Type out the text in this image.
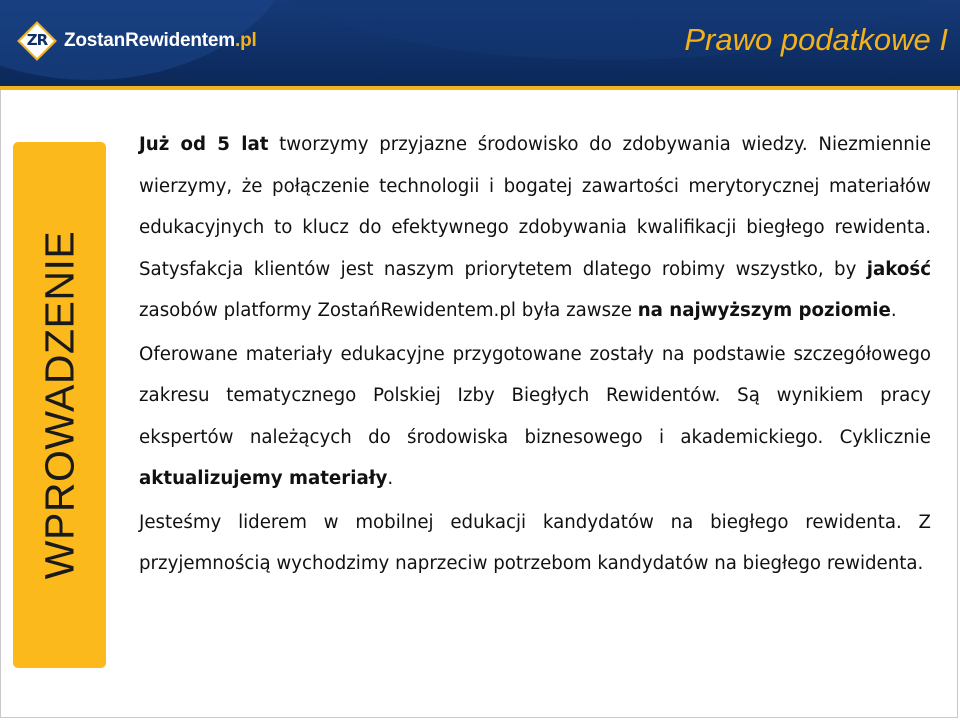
ZR ZostanRewidentem.pl	Prawo podatkowe I
WPROWADZENIE

Już od 5 lat tworzymy przyjazne środowisko do zdobywania wiedzy. Niezmiennie wierzymy, że połączenie technologii i bogatej zawartości merytorycznej materiałów edukacyjnych to klucz do efektywnego zdobywania kwalifikacji biegłego rewidenta. Satysfakcja klientów jest naszym priorytetem dlatego robimy wszystko, by jakość zasobów platformy ZostańRewidentem.pl była zawsze na najwyższym poziomie.

Oferowane materiały edukacyjne przygotowane zostały na podstawie szczegółowego zakresu tematycznego Polskiej Izby Biegłych Rewidentów. Są wynikiem pracy ekspertów należących do środowiska biznesowego i akademickiego. Cyklicznie aktualizujemy materiały.

Jesteśmy liderem w mobilnej edukacji kandydatów na biegłego rewidenta. Z przyjemnością wychodzimy naprzeciw potrzebom kandydatów na biegłego rewidenta.
